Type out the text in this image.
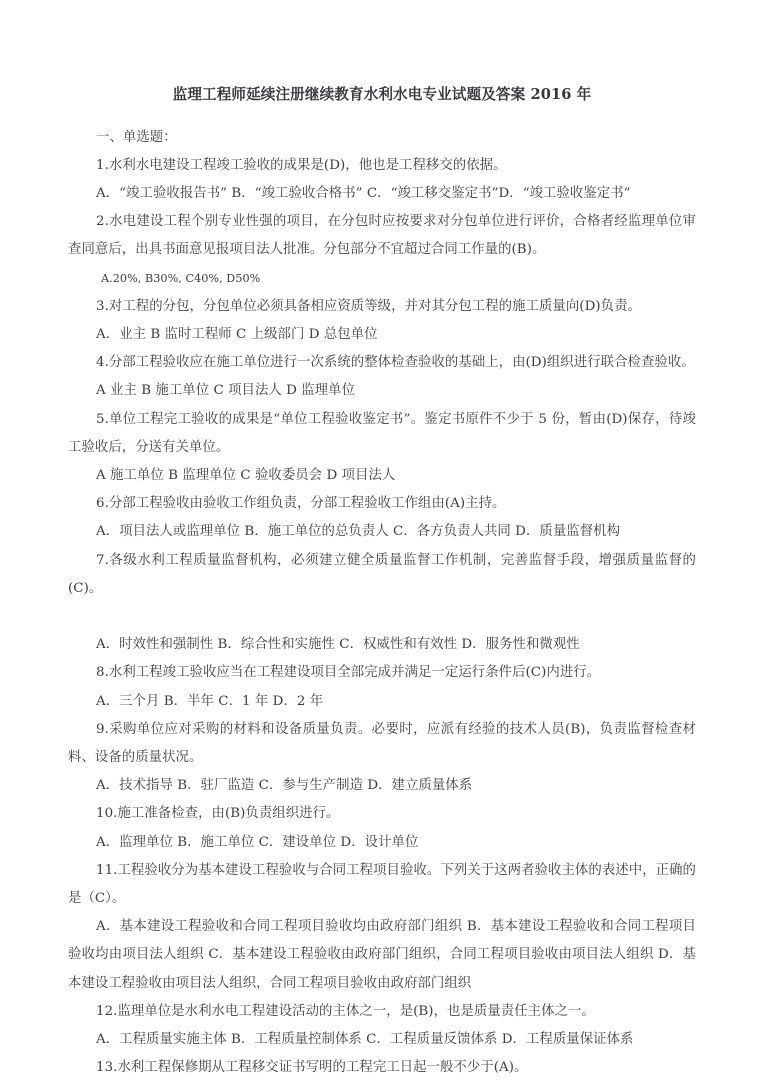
监理工程师延续注册继续教育水利水电专业试题及答案 2016 年

一、单选题：

1.水利水电建设工程竣工验收的成果是(D)，他也是工程移交的依据。

A．“竣工验收报告书” B．“竣工验收合格书” C．“竣工移交鉴定书”D．“竣工验收鉴定书”

2.水电建设工程个别专业性强的项目，在分包时应按要求对分包单位进行评价，合格者经监理单位审查同意后，出具书面意见报项目法人批准。分包部分不宜超过合同工作量的(B)。

A.20%, B30%, C40%, D50%

3.对工程的分包，分包单位必须具备相应资质等级，并对其分包工程的施工质量向(D)负责。

A．业主 B 监时工程师 C 上级部门 D 总包单位

4.分部工程验收应在施工单位进行一次系统的整体检查验收的基础上，由(D)组织进行联合检查验收。

A 业主 B 施工单位 C 项目法人 D 监理单位

5.单位工程完工验收的成果是“单位工程验收鉴定书”。鉴定书原件不少于 5 份，暂由(D)保存，待竣工验收后，分送有关单位。

A 施工单位 B 监理单位 C 验收委员会 D 项目法人

6.分部工程验收由验收工作组负责，分部工程验收工作组由(A)主持。

A．项目法人或监理单位 B．施工单位的总负责人 C．各方负责人共同 D．质量监督机构

7.各级水利工程质量监督机构，必须建立健全质量监督工作机制，完善监督手段，增强质量监督的(C)。

A．时效性和强制性 B．综合性和实施性 C．权威性和有效性 D．服务性和微观性

8.水利工程竣工验收应当在工程建设项目全部完成并满足一定运行条件后(C)内进行。

A．三个月 B．半年 C．1 年 D．2 年

9.采购单位应对采购的材料和设备质量负责。必要时，应派有经验的技术人员(B)，负责监督检查材料、设备的质量状况。

A．技术指导 B．驻厂监造 C．参与生产制造 D．建立质量体系

10.施工准备检查，由(B)负责组织进行。

A．监理单位 B．施工单位 C．建设单位 D．设计单位

11.工程验收分为基本建设工程验收与合同工程项目验收。下列关于这两者验收主体的表述中，正确的是（C）。

A．基本建设工程验收和合同工程项目验收均由政府部门组织 B．基本建设工程验收和合同工程项目验收均由项目法人组织 C．基本建设工程验收由政府部门组织，合同工程项目验收由项目法人组织 D．基本建设工程验收由项目法人组织，合同工程项目验收由政府部门组织

12.监理单位是水利水电工程建设活动的主体之一，是(B)，也是质量责任主体之一。

A．工程质量实施主体 B．工程质量控制体系 C．工程质量反馈体系 D．工程质量保证体系

13.水利工程保修期从工程移交证书写明的工程完工日起一般不少于(A)。
